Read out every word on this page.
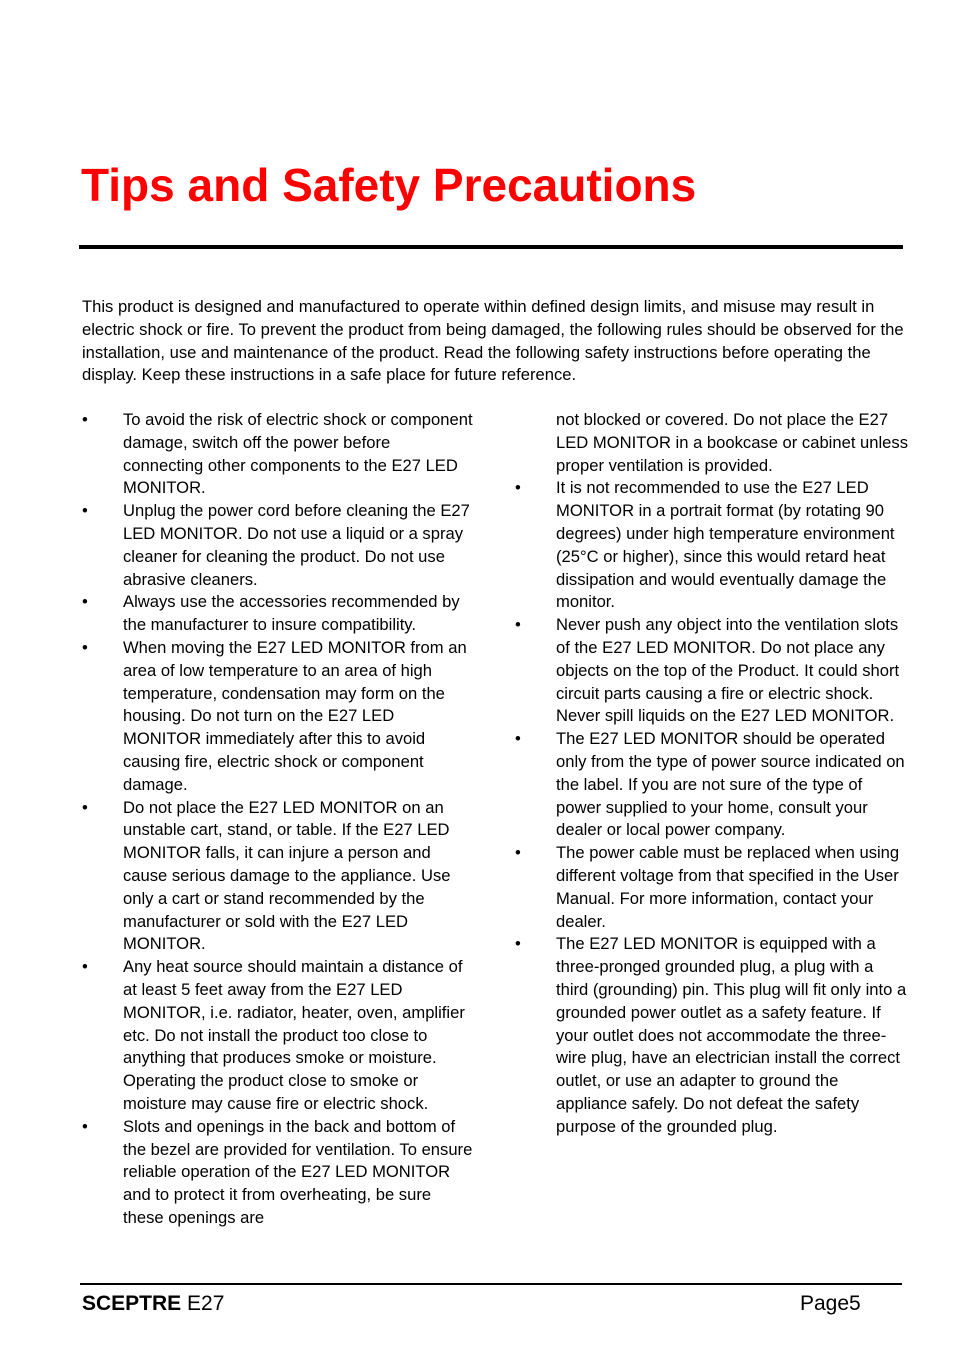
Tips and Safety Precautions

This product is designed and manufactured to operate within defined design limits, and misuse may result in electric shock or fire. To prevent the product from being damaged, the following rules should be observed for the installation, use and maintenance of the product. Read the following safety instructions before operating the display. Keep these instructions in a safe place for future reference.

•	To avoid the risk of electric shock or component damage, switch off the power before connecting other components to the E27 LED MONITOR.
•	Unplug the power cord before cleaning the E27 LED MONITOR. Do not use a liquid or a spray cleaner for cleaning the product. Do not use abrasive cleaners.
•	Always use the accessories recommended by the manufacturer to insure compatibility.
•	When moving the E27 LED MONITOR from an area of low temperature to an area of high temperature, condensation may form on the housing. Do not turn on the E27 LED MONITOR immediately after this to avoid causing fire, electric shock or component damage.
•	Do not place the E27 LED MONITOR on an unstable cart, stand, or table. If the E27 LED MONITOR falls, it can injure a person and cause serious damage to the appliance. Use only a cart or stand recommended by the manufacturer or sold with the E27 LED MONITOR.
•	Any heat source should maintain a distance of at least 5 feet away from the E27 LED MONITOR, i.e. radiator, heater, oven, amplifier etc. Do not install the product too close to anything that produces smoke or moisture. Operating the product close to smoke or moisture may cause fire or electric shock.
•	Slots and openings in the back and bottom of the bezel are provided for ventilation. To ensure reliable operation of the E27 LED MONITOR and to protect it from overheating, be sure these openings are
not blocked or covered. Do not place the E27 LED MONITOR in a bookcase or cabinet unless proper ventilation is provided.
•	It is not recommended to use the E27 LED MONITOR in a portrait format (by rotating 90 degrees) under high temperature environment (25°C or higher), since this would retard heat dissipation and would eventually damage the monitor.
•	Never push any object into the ventilation slots of the E27 LED MONITOR. Do not place any objects on the top of the Product. It could short circuit parts causing a fire or electric shock. Never spill liquids on the E27 LED MONITOR.
•	The E27 LED MONITOR should be operated only from the type of power source indicated on the label. If you are not sure of the type of power supplied to your home, consult your dealer or local power company.
•	The power cable must be replaced when using different voltage from that specified in the User Manual. For more information, contact your dealer.
•	The E27 LED MONITOR is equipped with a three-pronged grounded plug, a plug with a third (grounding) pin. This plug will fit only into a grounded power outlet as a safety feature. If your outlet does not accommodate the three-wire plug, have an electrician install the correct outlet, or use an adapter to ground the appliance safely. Do not defeat the safety purpose of the grounded plug.
SCEPTRE E27	Page5
